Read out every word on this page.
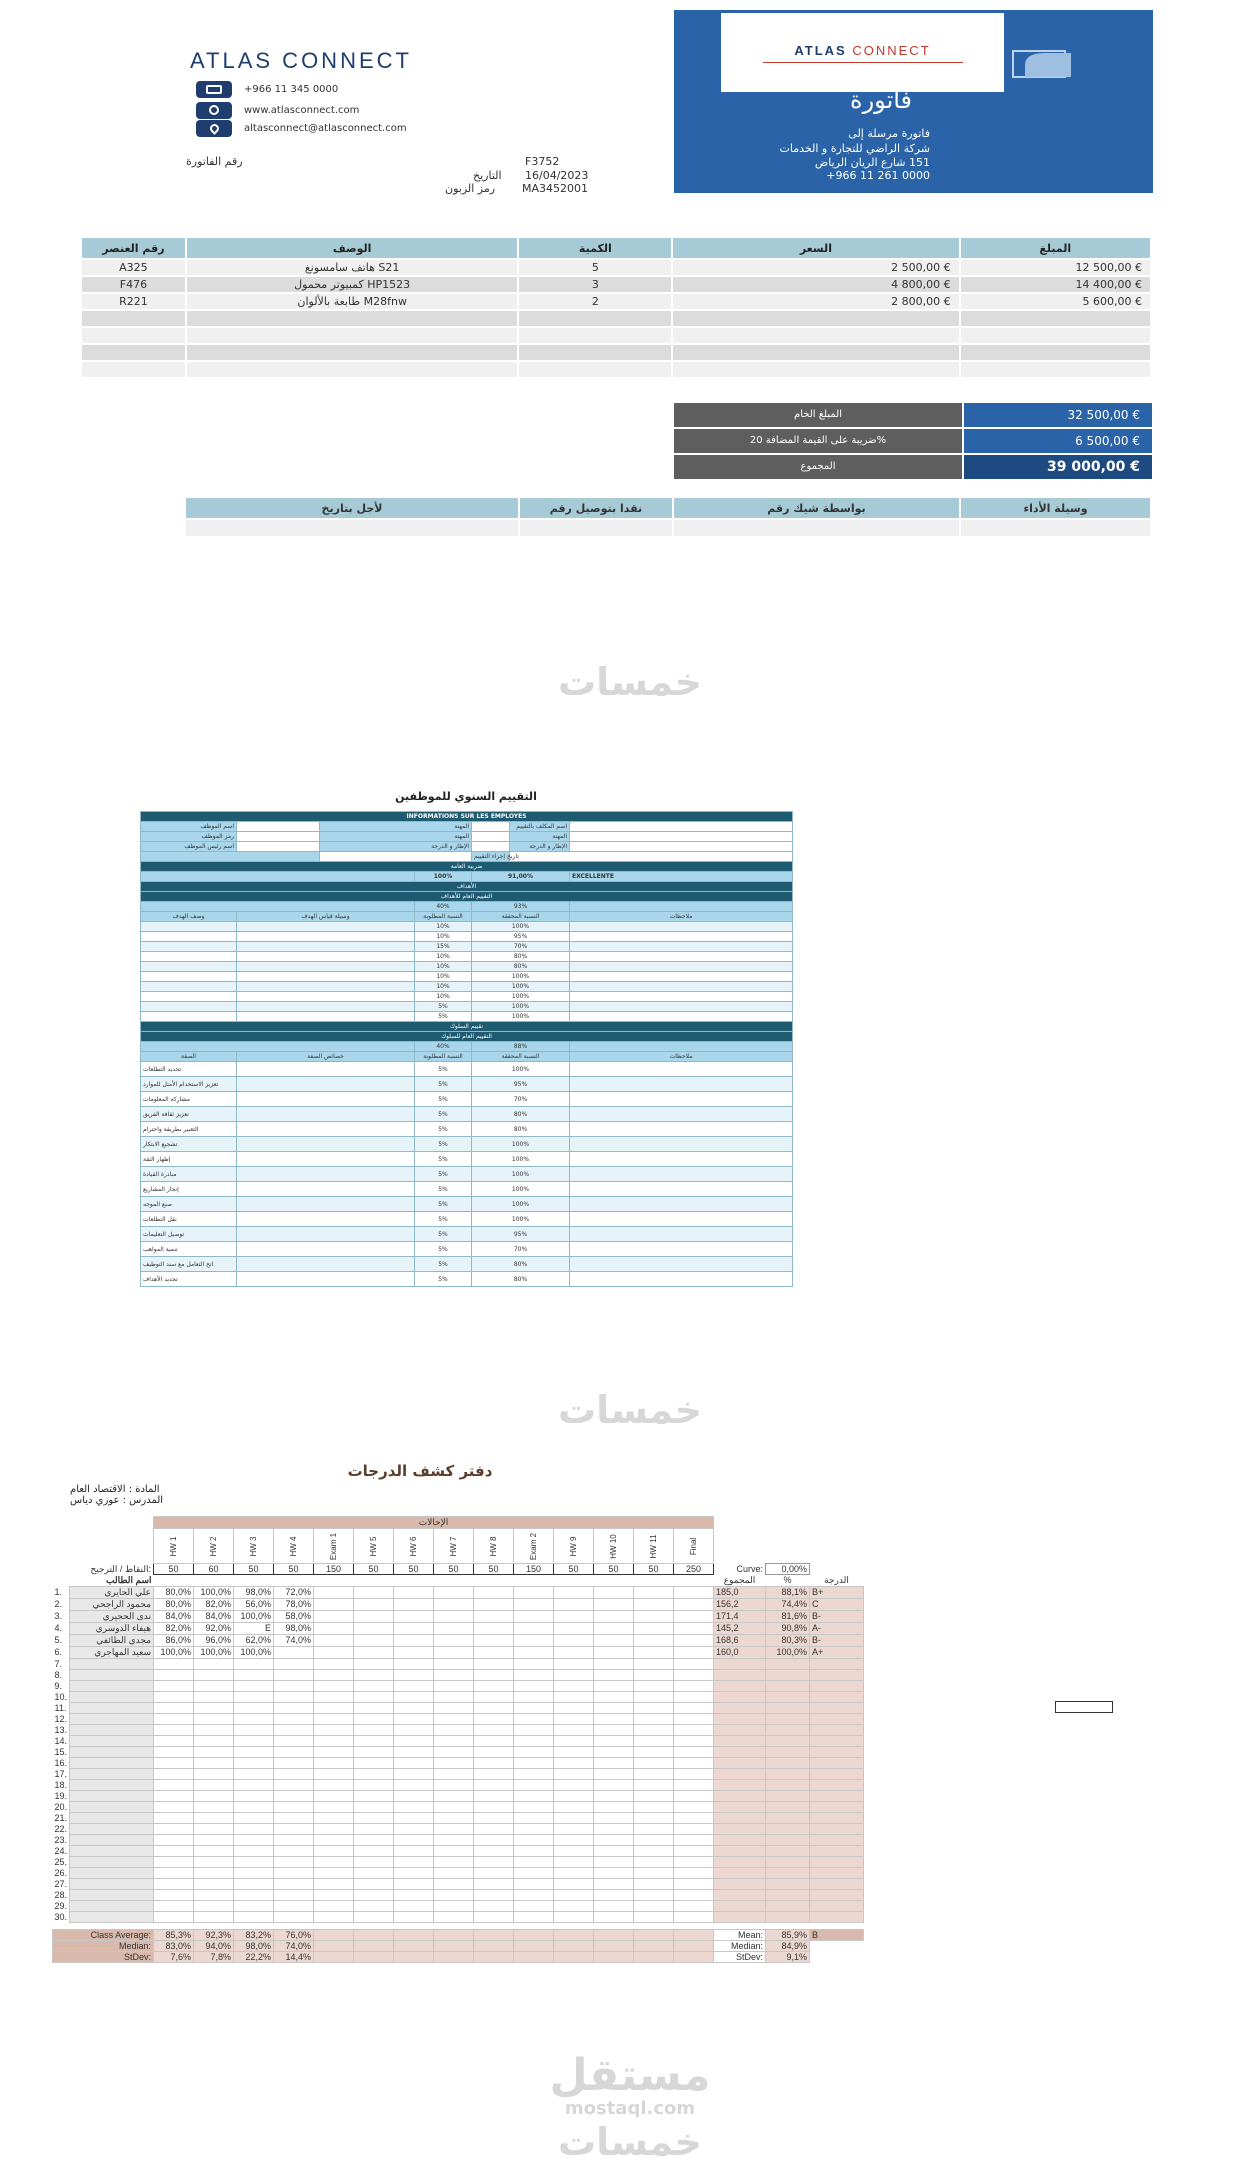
ATLAS CONNECT
+966 11 345 0000
www.atlasconnect.com
altasconnect@atlasconnect.com
ATLAS CONNECT
فاتورة
فاتورة مرسلة إلى
شركة الراضي للتجارة و الخدمات
151 شارع الريان الرياض
+966 11 261 0000
رقم الفاتورة	F3752
التاريخ 16/04/2023
رمز الزبون MA3452001
رقم العنصر	الوصف	الكمية	السعر	المبلغ
A325	هاتف سامسونغ S21	5	2 500,00 €	12 500,00 €
F476	كمبيوتر محمول HP1523	3	4 800,00 €	14 400,00 €
R221	طابعة بالألوان M28fnw	2	2 800,00 €	5 600,00 €

المبلغ الخام	32 500,00 €
ضريبة على القيمة المضافة 20%	6 500,00 €
المجموع	39 000,00 €
لأجل بتاريخ	نقدا بتوصيل رقم	بواسطة شيك رقم	وسيلة الأداء

خمسات
التقييم السنوي للموظفين
INFORMATIONS SUR LES EMPLOYES						
اسم الموظف		المهنة			اسم المكلف بالتقييم	
رمز الموظف		المهنة			المهنة	
اسم رئيس الموظف		الإطار و الدرجة			الإطار و الدرجة	
				تاريخ إجراء التقييم		
ضربية العامة						
			100%	91,00%		EXCELLENTE
الأهداف						
التقييم العام للأهداف						
			40%	93%		
وصف الهدف	وسيلة قياس الهدف		النسبة المطلوبة	النسبة المحققة		ملاحظات
			10%	100%		
			10%	95%		
			15%	70%		
			10%	80%		
			10%	80%		
			10%	100%		
			10%	100%		
			10%	100%		
			5%	100%		
			5%	100%		
تقييم السلوك						
التقييم العام للسلوك						
			40%	88%		
الصفة	خصائص الصفة		النسبة المطلوبة	النسبة المحققة		ملاحظات
تحديد التطلعات			5%	100%		
تعزيز الاستخدام الأمثل للموارد			5%	95%		
مشاركة المعلومات			5%	70%		
تعزيز ثقافة الفريق			5%	80%		
التعبير بطريقة واحترام			5%	80%		
تشجيع الابتكار			5%	100%		
إظهار الثقة			5%	100%		
مبادرة القيادة			5%	100%		
إنجاز المشاريع			5%	100%		
صنع الموجه			5%	100%		
نقل التطلعات			5%	100%		
توصيل التعليمات			5%	95%		
تنمية المواهب			5%	70%		
اتخ التعامل مع سند التوظيف			5%	80%		
تحديد الأهداف			5%	80%		
خمسات
دفتر كشف الدرجات
المادة : الاقتصاد العام
المدرس : عوزي دياس
		الإحالات																

		HW 1	HW 2	HW 3	HW 4	Exam 1	HW 5	HW 6	HW 7	HW 8	Exam 2	HW 9	HW 10	HW 11	Final			

النقاط / الترجيح:		50	60	50	50	150	50	50	50	50	150	50	50	50	250	Curve:	0,00%	
اسم الطالب																المجموع	%	الدرجة
1.	علي الحايري	80,0%	100,0%	98,0%	72,0%											185,0	88,1%	B+
2.	محمود الراجحي	80,0%	82,0%	56,0%	78,0%											156,2	74,4%	C
3.	ندى الحجيري	84,0%	84,0%	100,0%	58,0%											171,4	81,6%	B-
4.	هيفاء الدوسري	82,0%	92,0%	E	98,0%											145,2	90,8%	A-
5.	مجدي الطائفي	86,0%	96,0%	62,0%	74,0%											168,6	80,3%	B-
6.	سعيد المهاجري	100,0%	100,0%	100,0%												160,0	100,0%	A+
7.																		
8.																		
9.																		
10.																		
11.																		
12.																		
13.																		
14.																		
15.																		
16.																		
17.																		
18.																		
19.																		
20.																		
21.																		
22.																		
23.																		
24.																		
25.																		
26.																		
27.																		
28.																		
29.																		
30.																		

Class Average:		85,3%	92,3%	83,2%	76,0%											Mean:	85,9%	B
Median:		83,0%	94,0%	98,0%	74,0%											Median:	84,9%	
StDev:		7,6%	7,8%	22,2%	14,4%											StDev:	9,1%	
مستقل
mostaql.com
خمسات
